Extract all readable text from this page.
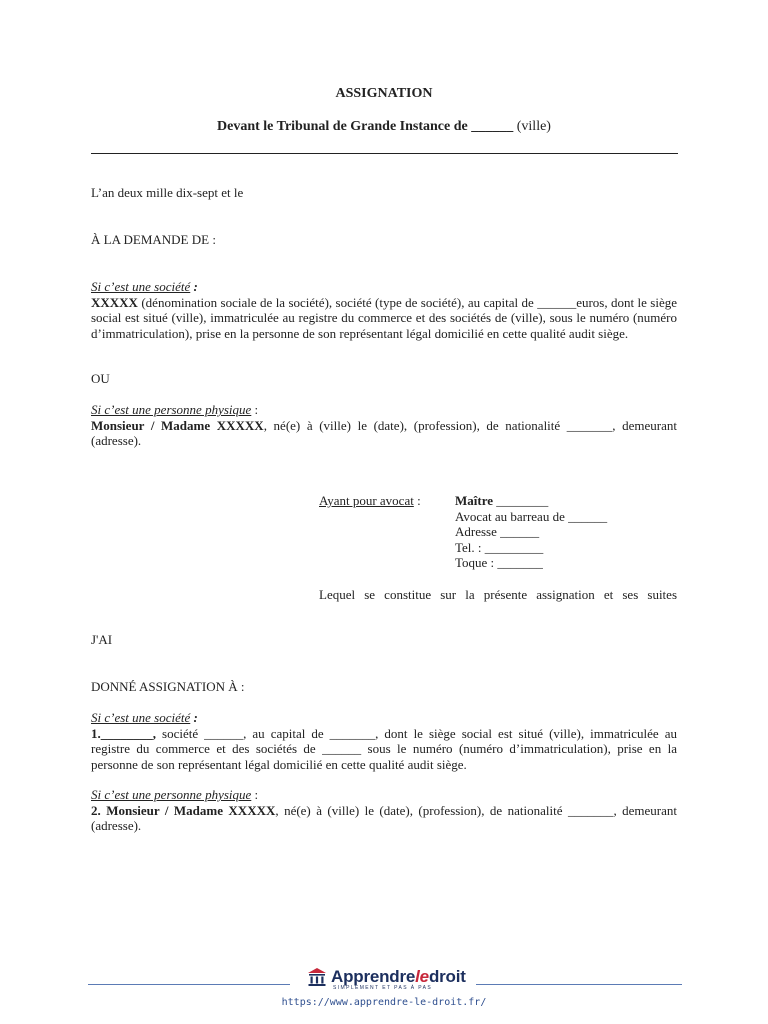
ASSIGNATION
Devant le Tribunal de Grande Instance de ______ (ville)
L’an deux mille dix-sept et le
À LA DEMANDE DE :
Si c’est une société :
XXXXX (dénomination sociale de la société), société (type de société), au capital de ______euros, dont le siège social est situé (ville), immatriculée au registre du commerce et des sociétés de (ville), sous le numéro (numéro d’immatriculation), prise en la personne de son représentant légal domicilié en cette qualité audit siège.
OU
Si c’est une personne physique :
Monsieur / Madame XXXXX, né(e) à (ville) le (date), (profession), de nationalité _______, demeurant (adresse).
Ayant pour avocat :	Maître ________
Avocat au barreau de ______
Adresse ______
Tel. : _________
Toque : _______
Lequel se constitue sur la présente assignation et ses suites
J'AI
DONNÉ ASSIGNATION À :
Si c’est une société :
1.________, société ______, au capital de _______, dont le siège social est situé (ville), immatriculée au registre du commerce et des sociétés de ______ sous le numéro (numéro d’immatriculation), prise en la personne de son représentant légal domicilié en cette qualité audit siège.
Si c’est une personne physique :
2. Monsieur / Madame XXXXX, né(e) à (ville) le (date), (profession), de nationalité _______, demeurant (adresse).
Apprendreledroit
SIMPLEMENT ET PAS À PAS
https://www.apprendre-le-droit.fr/
